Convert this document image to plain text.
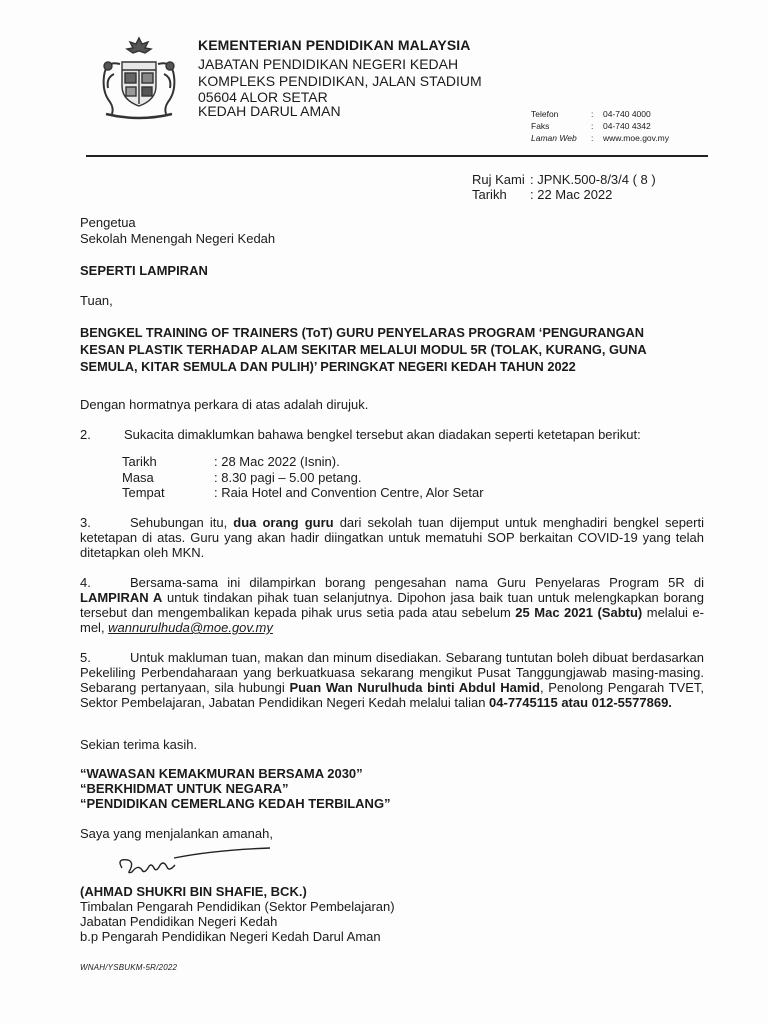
KEMENTERIAN PENDIDIKAN MALAYSIA
JABATAN PENDIDIKAN NEGERI KEDAH
KOMPLEKS PENDIDIKAN, JALAN STADIUM
05604 ALOR SETAR
KEDAH DARUL AMAN	Telefon	:	04-740 4000
Faks	:	04-740 4342
Laman Web	:	www.moe.gov.my
Ruj Kami : JPNK.500-8/3/4 ( 8 )
Tarikh	: 22 Mac 2022
Pengetua
Sekolah Menengah Negeri Kedah
SEPERTI LAMPIRAN
Tuan,
BENGKEL TRAINING OF TRAINERS (ToT) GURU PENYELARAS PROGRAM ‘PENGURANGAN
KESAN PLASTIK TERHADAP ALAM SEKITAR MELALUI MODUL 5R (TOLAK, KURANG, GUNA
SEMULA, KITAR SEMULA DAN PULIH)’ PERINGKAT NEGERI KEDAH TAHUN 2022
Dengan hormatnya perkara di atas adalah dirujuk.
2.	Sukacita dimaklumkan bahawa bengkel tersebut akan diadakan seperti ketetapan berikut:
Tarikh	: 28 Mac 2022 (Isnin).
Masa	: 8.30 pagi – 5.00 petang.
Tempat	: Raia Hotel and Convention Centre, Alor Setar
3.	Sehubungan itu, dua orang guru dari sekolah tuan dijemput untuk menghadiri bengkel seperti ketetapan di atas. Guru yang akan hadir diingatkan untuk mematuhi SOP berkaitan COVID-19 yang telah ditetapkan oleh MKN.
4.	Bersama-sama ini dilampirkan borang pengesahan nama Guru Penyelaras Program 5R di LAMPIRAN A untuk tindakan pihak tuan selanjutnya. Dipohon jasa baik tuan untuk melengkapkan borang tersebut dan mengembalikan kepada pihak urus setia pada atau sebelum 25 Mac 2021 (Sabtu) melalui e-mel, wannurulhuda@moe.gov.my
5.	Untuk makluman tuan, makan dan minum disediakan. Sebarang tuntutan boleh dibuat berdasarkan Pekeliling Perbendaharaan yang berkuatkuasa sekarang mengikut Pusat Tanggungjawab masing-masing. Sebarang pertanyaan, sila hubungi Puan Wan Nurulhuda binti Abdul Hamid, Penolong Pengarah TVET, Sektor Pembelajaran, Jabatan Pendidikan Negeri Kedah melalui talian 04-7745115 atau 012-5577869.
Sekian terima kasih.
“WAWASAN KEMAKMURAN BERSAMA 2030”
“BERKHIDMAT UNTUK NEGARA”
“PENDIDIKAN CEMERLANG KEDAH TERBILANG”
Saya yang menjalankan amanah,
(AHMAD SHUKRI BIN SHAFIE, BCK.)
Timbalan Pengarah Pendidikan (Sektor Pembelajaran)
Jabatan Pendidikan Negeri Kedah
b.p Pengarah Pendidikan Negeri Kedah Darul Aman
WNAH/YSBUKM-5R/2022
